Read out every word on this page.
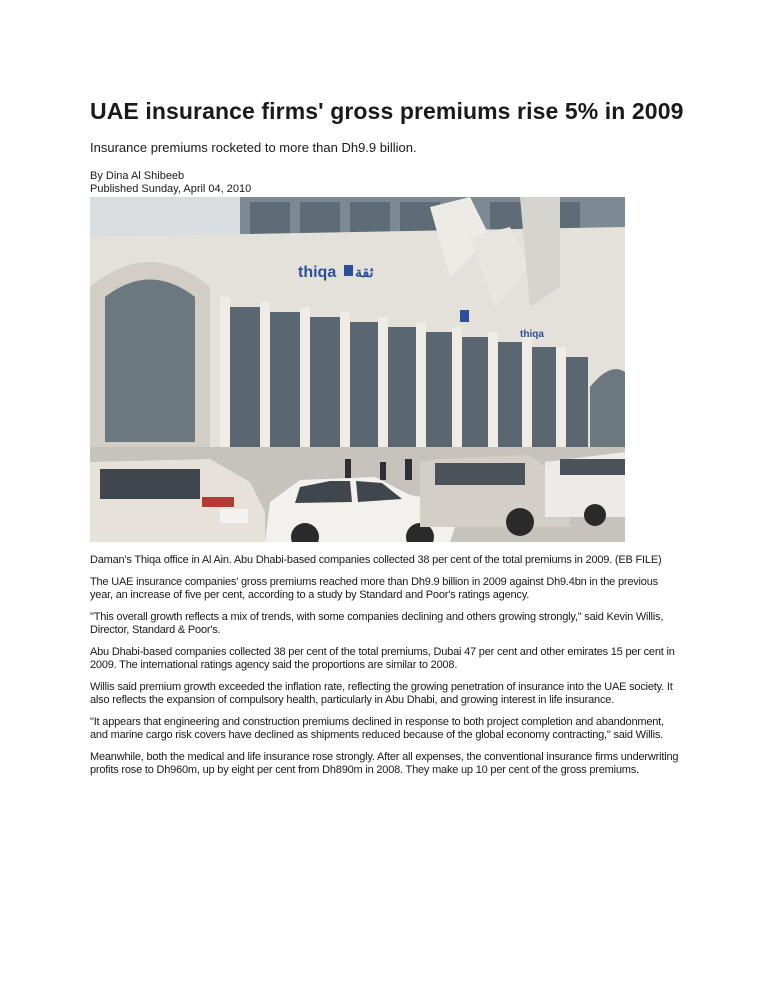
UAE insurance firms' gross premiums rise 5% in 2009
Insurance premiums rocketed to more than Dh9.9 billion.
By Dina Al Shibeeb
Published Sunday, April 04, 2010
thiqa ثقة
thiqa

Daman's Thiqa office in Al Ain. Abu Dhabi-based companies collected 38 per cent of the total premiums in 2009. (EB FILE)

The UAE insurance companies' gross premiums reached more than Dh9.9 billion in 2009 against Dh9.4bn in the previous year, an increase of five per cent, according to a study by Standard and Poor's ratings agency.

"This overall growth reflects a mix of trends, with some companies declining and others growing strongly," said Kevin Willis, Director, Standard & Poor's.

Abu Dhabi-based companies collected 38 per cent of the total premiums, Dubai 47 per cent and other emirates 15 per cent in 2009. The international ratings agency said the proportions are similar to 2008.

Willis said premium growth exceeded the inflation rate, reflecting the growing penetration of insurance into the UAE society. It also reflects the expansion of compulsory health, particularly in Abu Dhabi, and growing interest in life insurance.

"It appears that engineering and construction premiums declined in response to both project completion and abandonment, and marine cargo risk covers have declined as shipments reduced because of the global economy contracting," said Willis.

Meanwhile, both the medical and life insurance rose strongly. After all expenses, the conventional insurance firms underwriting profits rose to Dh960m, up by eight per cent from Dh890m in 2008. They make up 10 per cent of the gross premiums.
